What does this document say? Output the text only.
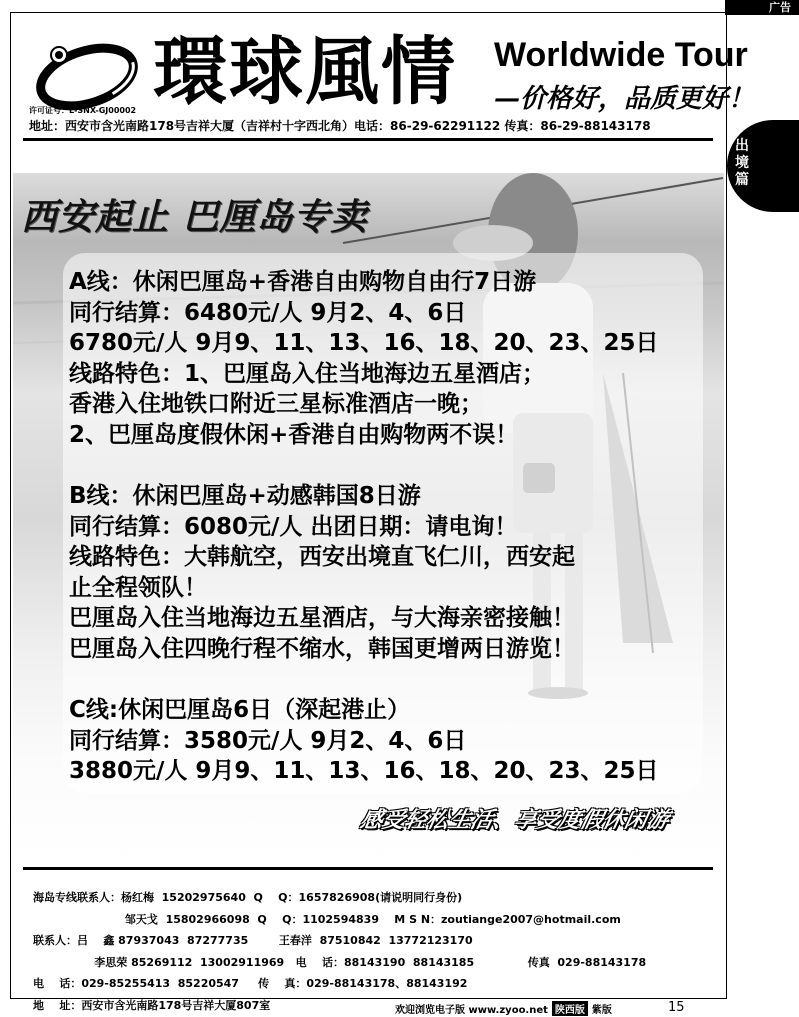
環球風情 Worldwide Tour
—价格好，品质更好！
许可证号：L-SNX-GJ00002
地址：西安市含光南路178号吉祥大厦（吉祥村十字西北角）电话：86-29-62291122 传真：86-29-88143178
西安起止 巴厘岛专卖
A线：休闲巴厘岛+香港自由购物自由行7日游
同行结算：6480元/人 9月2、4、6日
6780元/人 9月9、11、13、16、18、20、23、25日
线路特色：1、巴厘岛入住当地海边五星酒店；
香港入住地铁口附近三星标准酒店一晚；
2、巴厘岛度假休闲+香港自由购物两不误！
B线：休闲巴厘岛+动感韩国8日游
同行结算：6080元/人 出团日期：请电询！
线路特色：大韩航空，西安出境直飞仁川，西安起
止全程领队！
巴厘岛入住当地海边五星酒店，与大海亲密接触！
巴厘岛入住四晚行程不缩水，韩国更增两日游览！
C线:休闲巴厘岛6日（深起港止）
同行结算：3580元/人 9月2、4、6日
3880元/人 9月9、11、13、16、18、20、23、25日
感受轻松生活、享受度假休闲游
海岛专线联系人：杨红梅  15202975640  Q    Q：1657826908(请说明同行身份)
邹天戈  15802966098  Q    Q：1102594839    M S N：zoutiange2007@hotmail.com
联系人：吕    鑫 87937043  87277735        王春洋  87510842  13772123170
李思荣 85269112  13002911969   电    话：88143190  88143185              传真  029-88143178
电    话：029-85255413  85220547     传    真：029-88143178、88143192
地    址：西安市含光南路178号吉祥大厦807室
广告
出境篇
欢迎浏览电子版 www.zyoo.net 陕西版 紫版	15
